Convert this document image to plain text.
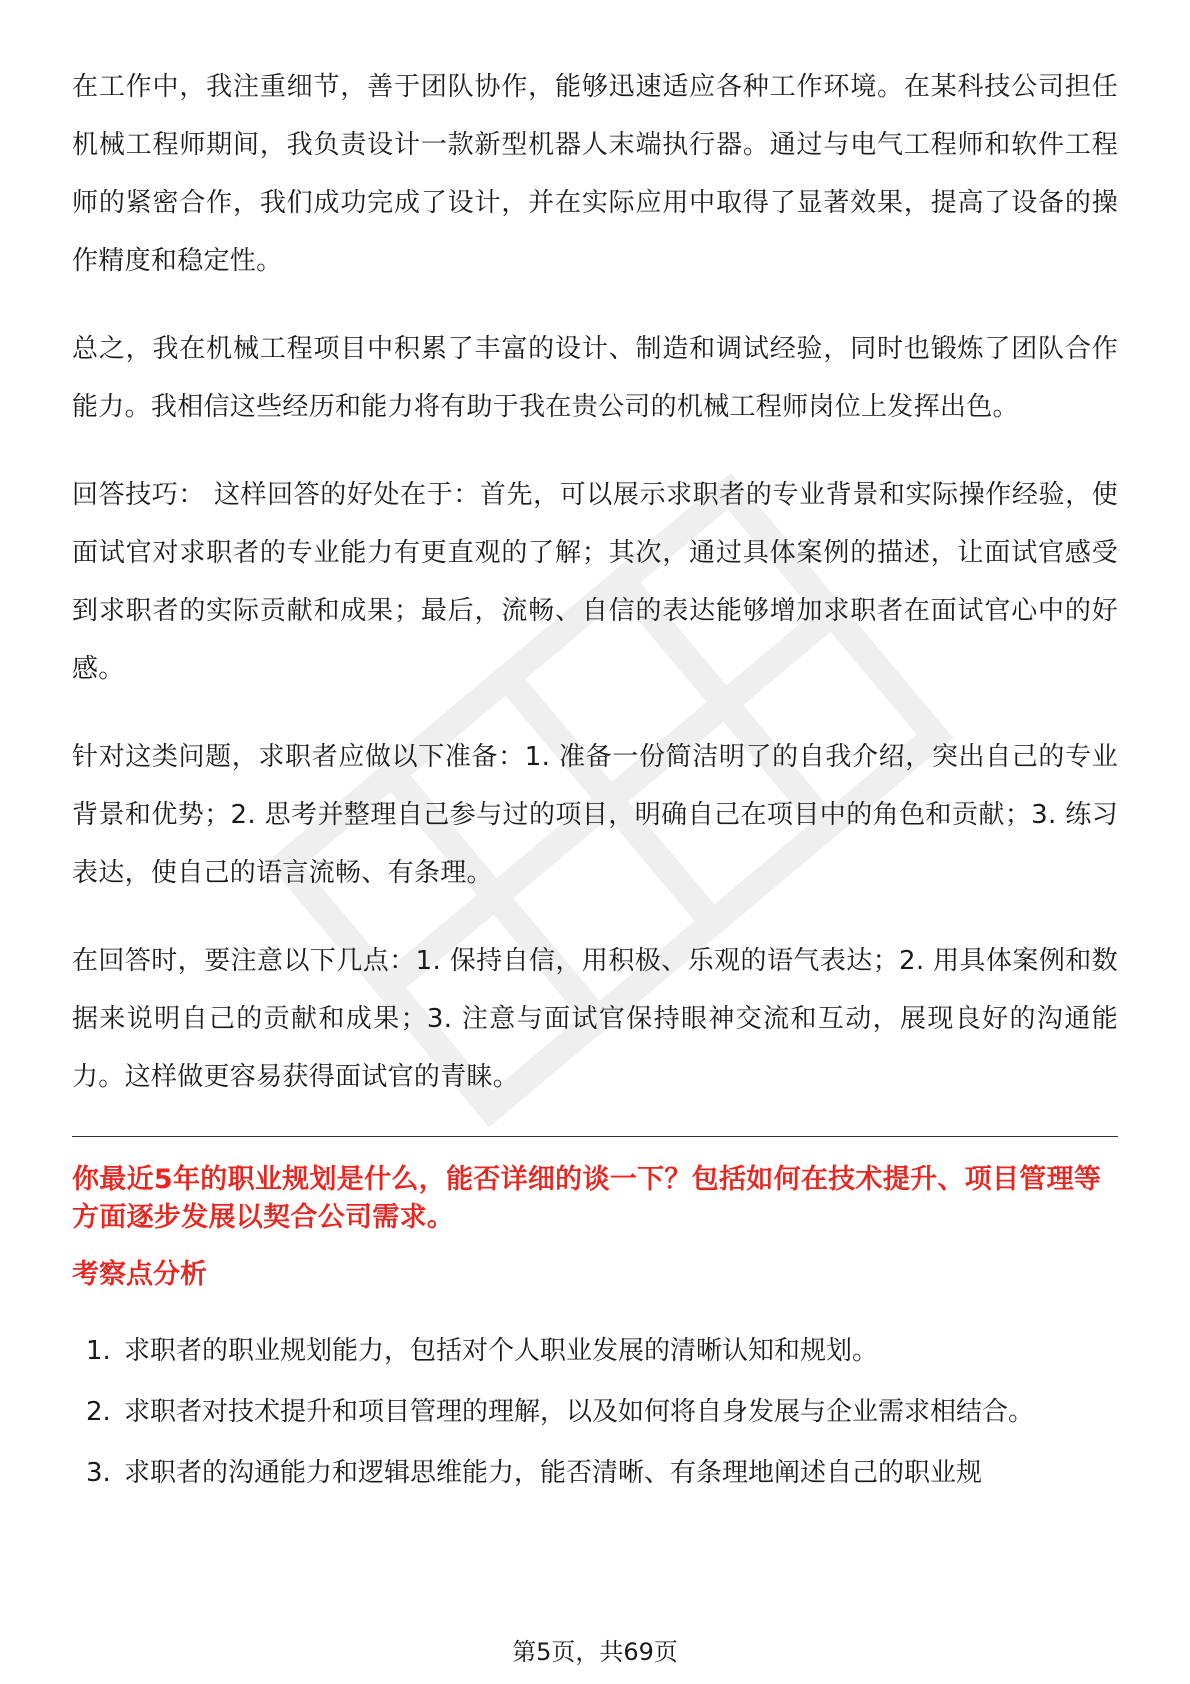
在工作中，我注重细节，善于团队协作，能够迅速适应各种工作环境。在某科技公司担任机械工程师期间，我负责设计一款新型机器人末端执行器。通过与电气工程师和软件工程师的紧密合作，我们成功完成了设计，并在实际应用中取得了显著效果，提高了设备的操作精度和稳定性。

总之，我在机械工程项目中积累了丰富的设计、制造和调试经验，同时也锻炼了团队合作能力。我相信这些经历和能力将有助于我在贵公司的机械工程师岗位上发挥出色。

回答技巧： 这样回答的好处在于：首先，可以展示求职者的专业背景和实际操作经验，使面试官对求职者的专业能力有更直观的了解；其次，通过具体案例的描述，让面试官感受到求职者的实际贡献和成果；最后，流畅、自信的表达能够增加求职者在面试官心中的好感。

针对这类问题，求职者应做以下准备：1. 准备一份简洁明了的自我介绍，突出自己的专业背景和优势；2. 思考并整理自己参与过的项目，明确自己在项目中的角色和贡献；3. 练习表达，使自己的语言流畅、有条理。

在回答时，要注意以下几点：1. 保持自信，用积极、乐观的语气表达；2. 用具体案例和数据来说明自己的贡献和成果；3. 注意与面试官保持眼神交流和互动，展现良好的沟通能力。这样做更容易获得面试官的青睐。

你最近5年的职业规划是什么，能否详细的谈一下？包括如何在技术提升、项目管理等方面逐步发展以契合公司需求。
考察点分析
1. 求职者的职业规划能力，包括对个人职业发展的清晰认知和规划。
2. 求职者对技术提升和项目管理的理解，以及如何将自身发展与企业需求相结合。
3. 求职者的沟通能力和逻辑思维能力，能否清晰、有条理地阐述自己的职业规
第5页，共69页
